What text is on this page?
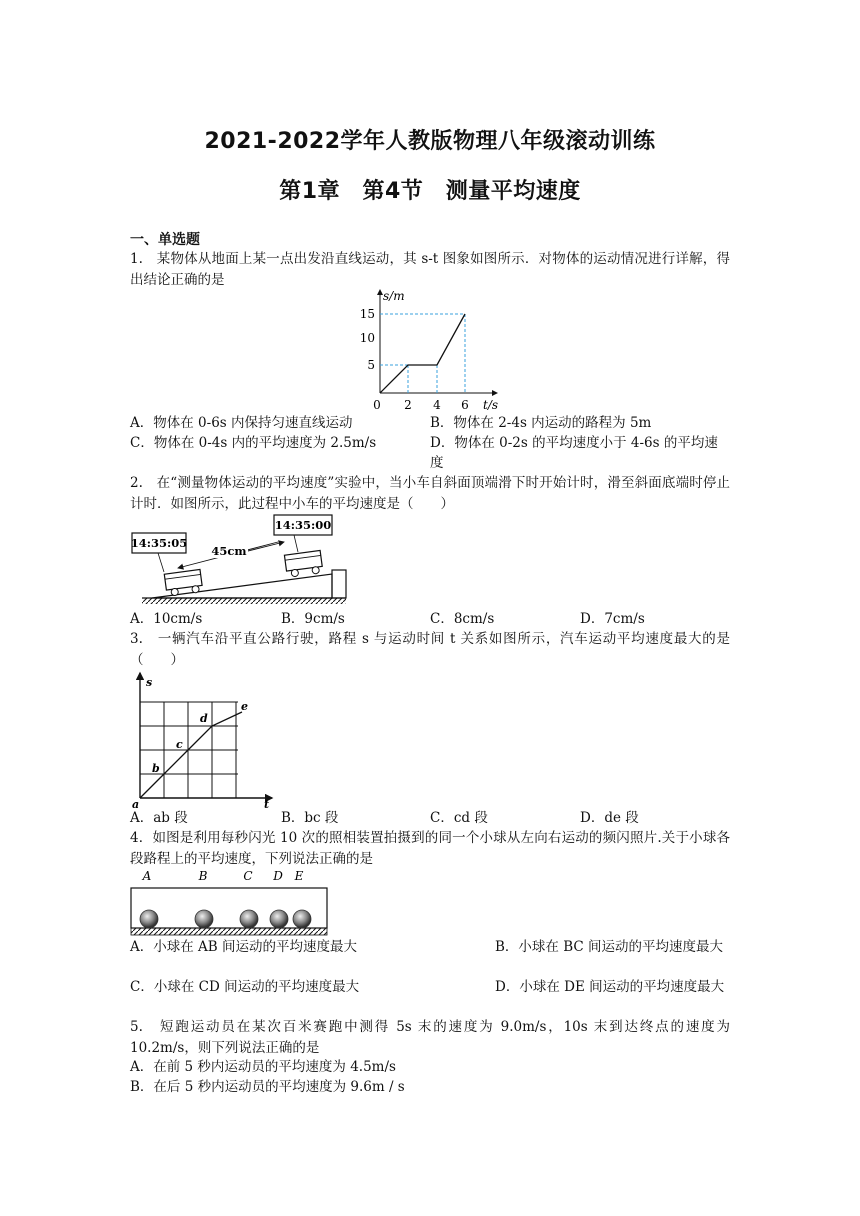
2021-2022学年人教版物理八年级滚动训练
第1章　第4节　测量平均速度
一、单选题
1.　某物体从地面上某一点出发沿直线运动，其 s-t 图象如图所示．对物体的运动情况进行详解，得出结论正确的是
s/m
t/s
5
10
15
0 2 4 6
A．物体在 0-6s 内保持匀速直线运动	B．物体在 2-4s 内运动的路程为 5m
C．物体在 0-4s 内的平均速度为 2.5m/s	D．物体在 0-2s 的平均速度小于 4-6s 的平均速度
2.　在“测量物体运动的平均速度”实验中，当小车自斜面顶端滑下时开始计时，滑至斜面底端时停止计时．如图所示，此过程中小车的平均速度是（　　）
14:35:00
14:35:05
45cm
A．10cm/s	B．9cm/s	C．8cm/s	D．7cm/s
3.　一辆汽车沿平直公路行驶，路程 s 与运动时间 t 关系如图所示，汽车运动平均速度最大的是（　　）
s
t
a
b
c
d
e
A．ab 段	B．bc 段	C．cd 段	D．de 段
4．如图是利用每秒闪光 10 次的照相装置拍摄到的同一个小球从左向右运动的频闪照片.关于小球各段路程上的平均速度，下列说法正确的是
A	B	C D E
A．小球在 AB 间运动的平均速度最大	B．小球在 BC 间运动的平均速度最大
C．小球在 CD 间运动的平均速度最大	D．小球在 DE 间运动的平均速度最大
5.　短跑运动员在某次百米赛跑中测得 5s 末的速度为 9.0m/s，10s 末到达终点的速度为 10.2m/s，则下列说法正确的是
A．在前 5 秒内运动员的平均速度为 4.5m/s
B．在后 5 秒内运动员的平均速度为 9.6m / s
